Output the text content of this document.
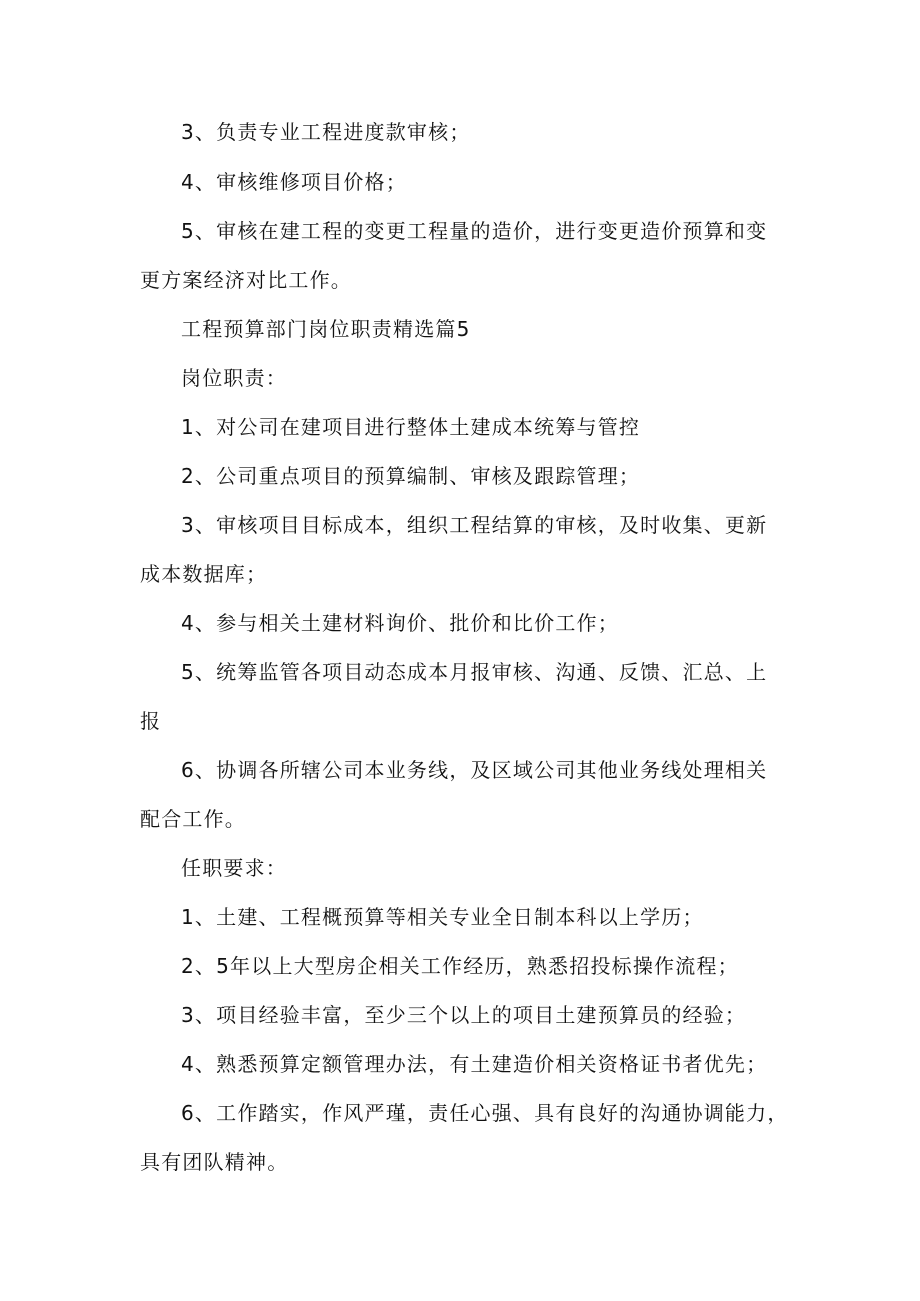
3、负责专业工程进度款审核；
4、审核维修项目价格；
5、审核在建工程的变更工程量的造价，进行变更造价预算和变
更方案经济对比工作。
工程预算部门岗位职责精选篇5
岗位职责：
1、对公司在建项目进行整体土建成本统筹与管控
2、公司重点项目的预算编制、审核及跟踪管理；
3、审核项目目标成本，组织工程结算的审核，及时收集、更新
成本数据库；
4、参与相关土建材料询价、批价和比价工作；
5、统筹监管各项目动态成本月报审核、沟通、反馈、汇总、上
报
6、协调各所辖公司本业务线，及区域公司其他业务线处理相关
配合工作。
任职要求：
1、土建、工程概预算等相关专业全日制本科以上学历；
2、5年以上大型房企相关工作经历，熟悉招投标操作流程；
3、项目经验丰富，至少三个以上的项目土建预算员的经验；
4、熟悉预算定额管理办法，有土建造价相关资格证书者优先；
6、工作踏实，作风严瑾，责任心强、具有良好的沟通协调能力，
具有团队精神。
